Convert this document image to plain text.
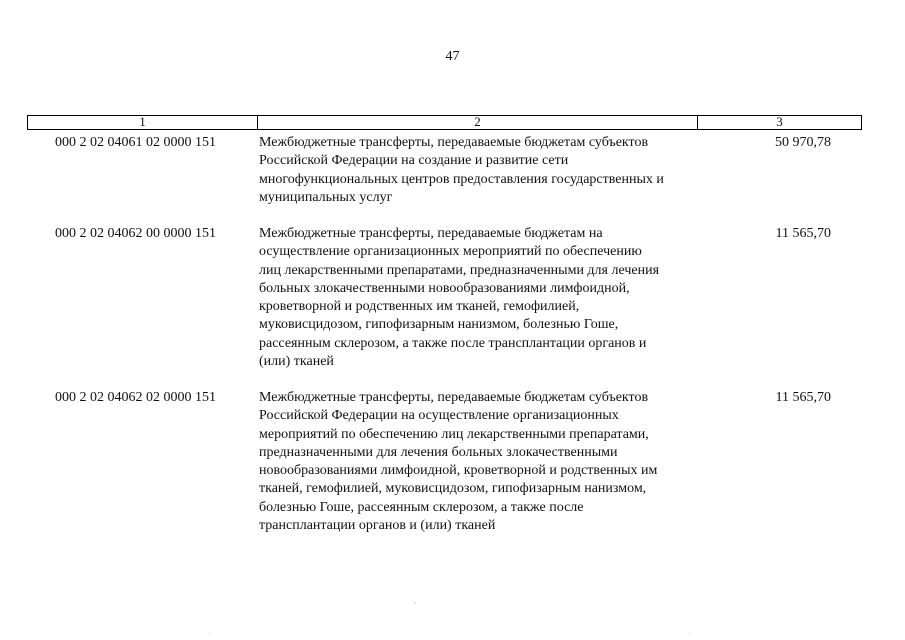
47
1	2	3
000 2 02 04061 02 0000 151	Межбюджетные трансферты, передаваемые бюджетам субъектов
Российской Федерации на создание и развитие сети
многофункциональных центров предоставления государственных и
муниципальных услуг
50 970,78
000 2 02 04062 00 0000 151	Межбюджетные трансферты, передаваемые бюджетам на
осуществление организационных мероприятий по обеспечению
лиц лекарственными препаратами, предназначенными для лечения
больных злокачественными новообразованиями лимфоидной,
кроветворной и родственных им тканей, гемофилией,
муковисцидозом, гипофизарным нанизмом, болезнью Гоше,
рассеянным склерозом, а также после трансплантации органов и
(или) тканей
11 565,70
000 2 02 04062 02 0000 151	Межбюджетные трансферты, передаваемые бюджетам субъектов
Российской Федерации на осуществление организационных
мероприятий по обеспечению лиц лекарственными препаратами,
предназначенными для лечения больных злокачественными
новообразованиями лимфоидной, кроветворной и родственных им
тканей, гемофилией, муковисцидозом, гипофизарным нанизмом,
болезнью Гоше, рассеянным склерозом, а также после
трансплантации органов и (или) тканей
11 565,70
